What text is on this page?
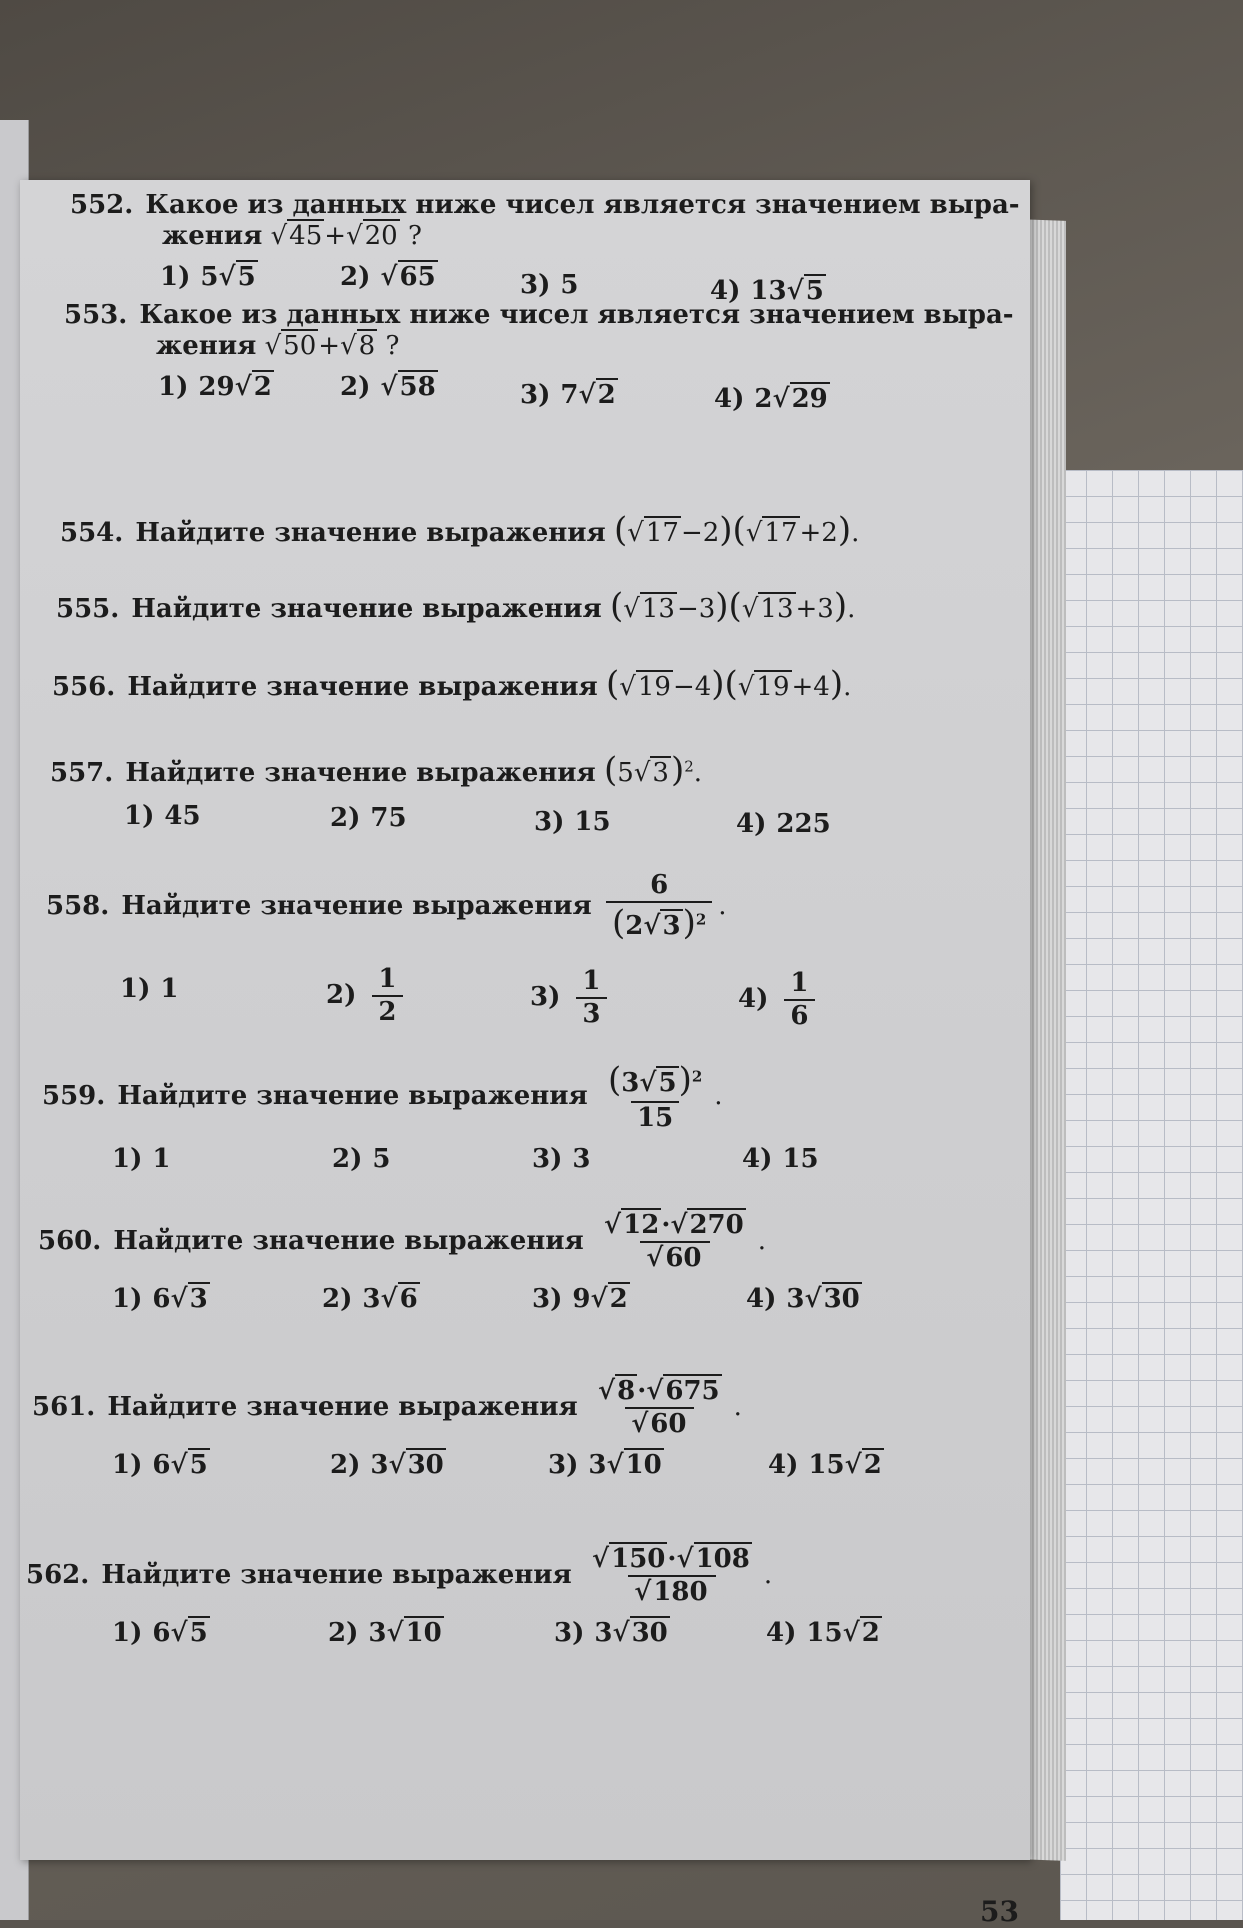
552. Какое из данных ниже чисел является значением выра-
жения √45+√20 ?
1) 5√5	2) √65	3) 5	4) 13√5
553. Какое из данных ниже чисел является значением выра-
жения √50+√8 ?
1) 29√2	2) √58	3) 7√2	4) 2√29
554. Найдите значение выражения (√17−2)(√17+2).
555. Найдите значение выражения (√13−3)(√13+3).
556. Найдите значение выражения (√19−4)(√19+4).
557. Найдите значение выражения $(5√3)^2$.
1) 45	2) 75	3) 15	4) 225
558. Найдите значение выражения $\frac{6}{(2√3)^2}$ .
1) 1	$2) \frac{1}{2}$	$3) \frac{1}{3}$	$4) \frac{1}{6}$
559. Найдите значение выражения $\frac{(3√5)^2}{15}$ .
1) 1	2) 5	3) 3	4) 15
560. Найдите значение выражения $\frac{√12\cdot√270}{√60}$ .
1) 6√3	2) 3√6	3) 9√2	4) 3√30
561. Найдите значение выражения $\frac{√8\cdot√675}{√60}$ .
1) 6√5	2) 3√30	3) 3√10	4) 15√2
562. Найдите значение выражения $\frac{√150\cdot√108}{√180}$ .
1) 6√5	2) 3√10	3) 3√30	4) 15√2
53
